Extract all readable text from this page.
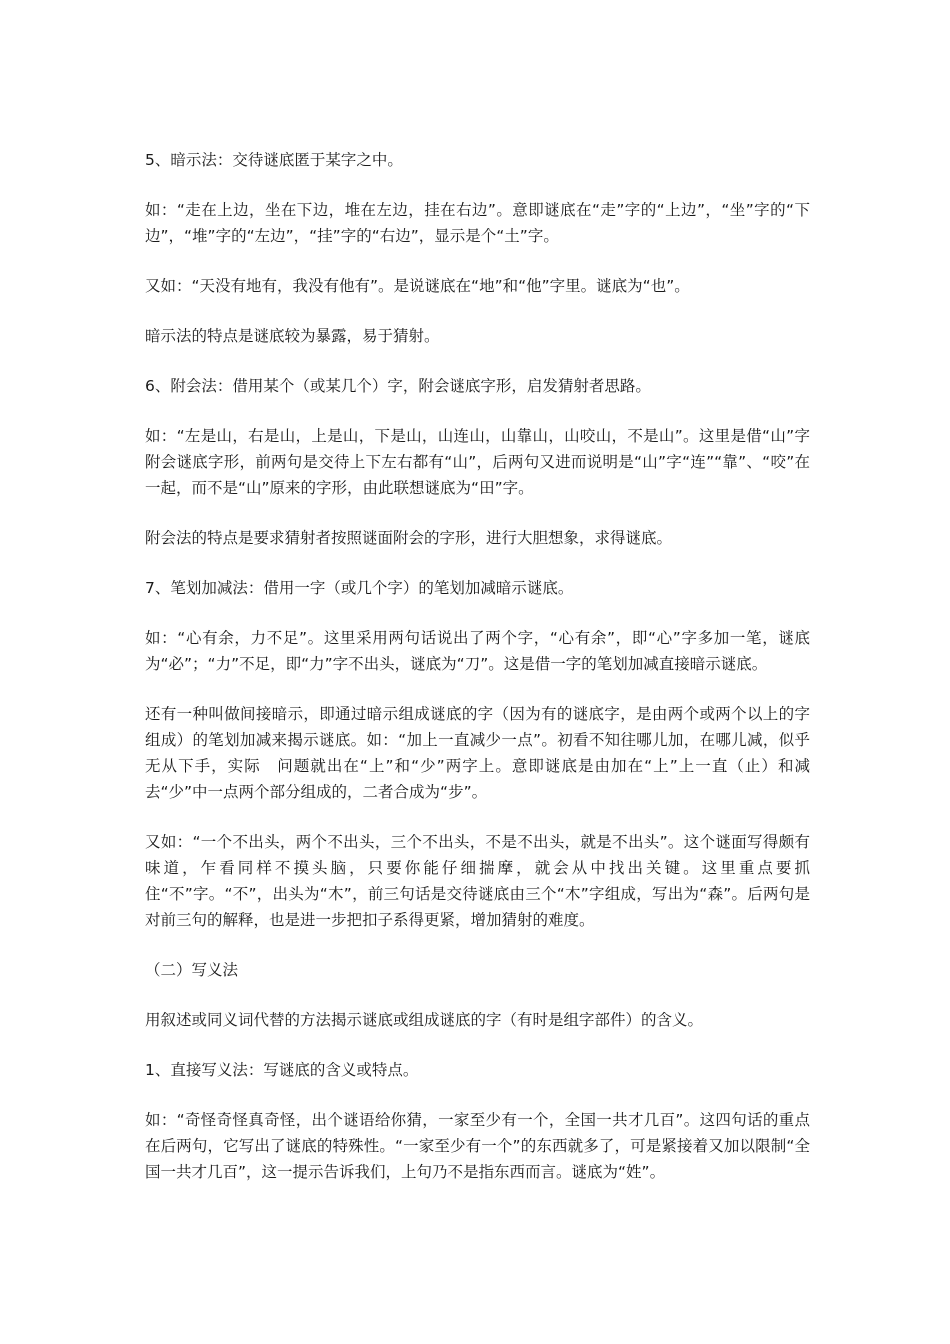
5、暗示法：交待谜底匿于某字之中。

如：“走在上边，坐在下边，堆在左边，挂在右边”。意即谜底在“走”字的“上边”，“坐”字的“下边”，“堆”字的“左边”，“挂”字的“右边”，显示是个“土”字。

又如：“天没有地有，我没有他有”。是说谜底在“地”和“他”字里。谜底为“也”。

暗示法的特点是谜底较为暴露，易于猜射。

6、附会法：借用某个（或某几个）字，附会谜底字形，启发猜射者思路。

如：“左是山，右是山，上是山，下是山，山连山，山靠山，山咬山，不是山”。这里是借“山”字附会谜底字形，前两句是交待上下左右都有“山”，后两句又进而说明是“山”字“连”“靠”、“咬”在一起，而不是“山”原来的字形，由此联想谜底为“田”字。

附会法的特点是要求猜射者按照谜面附会的字形，进行大胆想象，求得谜底。

7、笔划加减法：借用一字（或几个字）的笔划加减暗示谜底。

如：“心有余，力不足”。这里采用两句话说出了两个字，“心有余”，即“心”字多加一笔，谜底为“必”；“力”不足，即“力”字不出头，谜底为“刀”。这是借一字的笔划加减直接暗示谜底。

还有一种叫做间接暗示，即通过暗示组成谜底的字（因为有的谜底字，是由两个或两个以上的字组成）的笔划加减来揭示谜底。如：“加上一直减少一点”。初看不知往哪儿加，在哪儿减，似乎无从下手，实际　问题就出在“上”和“少”两字上。意即谜底是由加在“上”上一直（止）和减去“少”中一点两个部分组成的，二者合成为“步”。

又如：“一个不出头，两个不出头，三个不出头，不是不出头，就是不出头”。这个谜面写得颇有味道，乍看同样不摸头脑，只要你能仔细揣摩，就会从中找出关键。这里重点要抓住“不”字。“不”，出头为“木”，前三句话是交待谜底由三个“木”字组成，写出为“森”。后两句是对前三句的解释，也是进一步把扣子系得更紧，增加猜射的难度。

（二）写义法

用叙述或同义词代替的方法揭示谜底或组成谜底的字（有时是组字部件）的含义。

1、直接写义法：写谜底的含义或特点。

如：“奇怪奇怪真奇怪，出个谜语给你猜，一家至少有一个，全国一共才几百”。这四句话的重点在后两句，它写出了谜底的特殊性。“一家至少有一个”的东西就多了，可是紧接着又加以限制“全国一共才几百”，这一提示告诉我们，上句乃不是指东西而言。谜底为“姓”。
